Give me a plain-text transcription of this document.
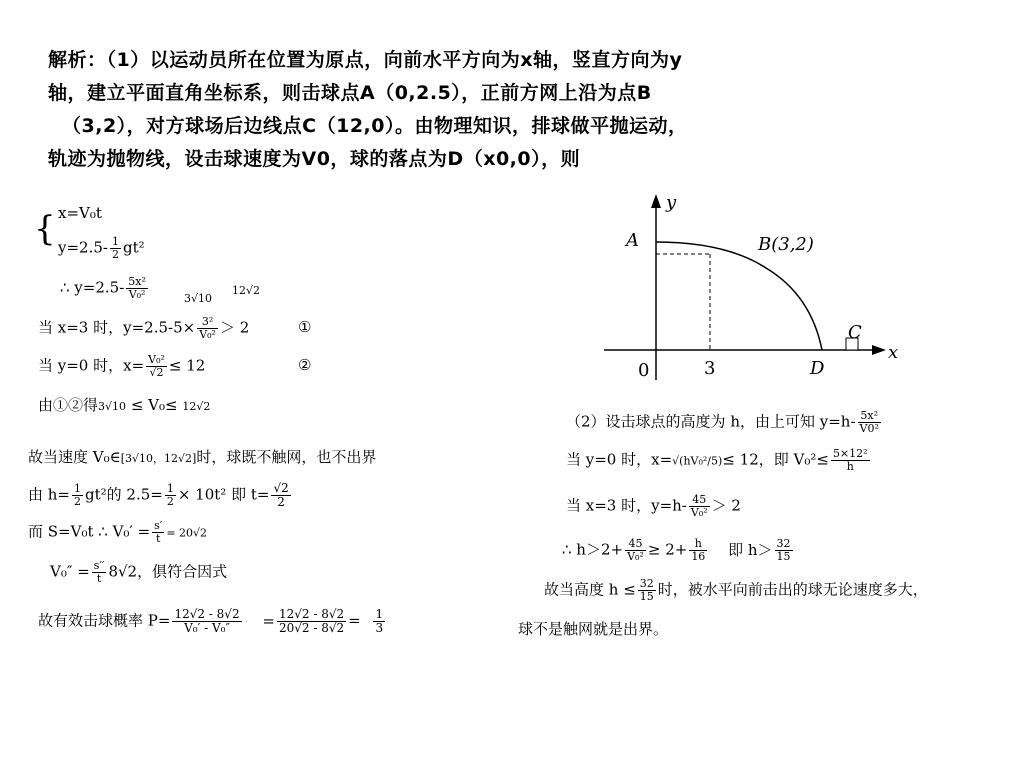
解析：（1）以运动员所在位置为原点，向前水平方向为x轴，竖直方向为y
轴，建立平面直角坐标系，则击球点A（0,2.5），正前方网上沿为点B
（3,2），对方球场后边线点C（12,0）。由物理知识，排球做平抛运动，
轨迹为抛物线，设击球速度为V0，球的落点为D（x0,0），则
{ x=V₀t
$y=2.5- \frac{1}{2} gt^2$
∴ $y=2.5- \frac{\text{5x²}}{\text{V₀²}}$	3√10
12√2
当 x=3 时，$y=2.5-5\times \frac{\text{3²}}{\text{V₀²}} > 2$	①
当 y=0 时，$x= \frac{\text{V₀²}}{√2} \le 12$	②
由①②得3√10 ≤ V₀≤ 12√2
故当速度 V₀∈[3√10，12√2]时，球既不触网，也不出界
由 $h= \frac{1}{2} gt^2$的 $2.5= \frac{1}{2} \times 10t^2$ 即 $t= \frac{√2}{2}$
而 S=V₀t ∴ $V_0' = \frac{s'}{t} = 20√2$
$V_0'' = \frac{s''}{t} 8√2$，俱符合因式
故有效击球概率 $P= \frac{12√2 - 8√2}{\text{V₀′ - V₀″}} = \frac{12√2 - 8√2}{20√2 - 8√2} = \frac{1}{3}$
y
x
A	B(3,2)
C
D
0	3
（2）设击球点的高度为 h，由上可知 $y=h- \frac{\text{5x²}}{\text{V0²}}$
当 y=0 时，x=√(hV₀²/5)≤ 12，即 $V_0^2\le \frac{\text{5×12²}}{h}$
当 x=3 时，$y=h- \frac{45}{\text{V₀²}} > 2$
∴ $h>2+ \frac{45}{\text{V₀²}} \ge 2+ \frac{h}{16}$ 即 $h> \frac{32}{15}$
故当高度 $h \le \frac{32}{15}$ 时，被水平向前击出的球无论速度多大，
球不是触网就是出界。
